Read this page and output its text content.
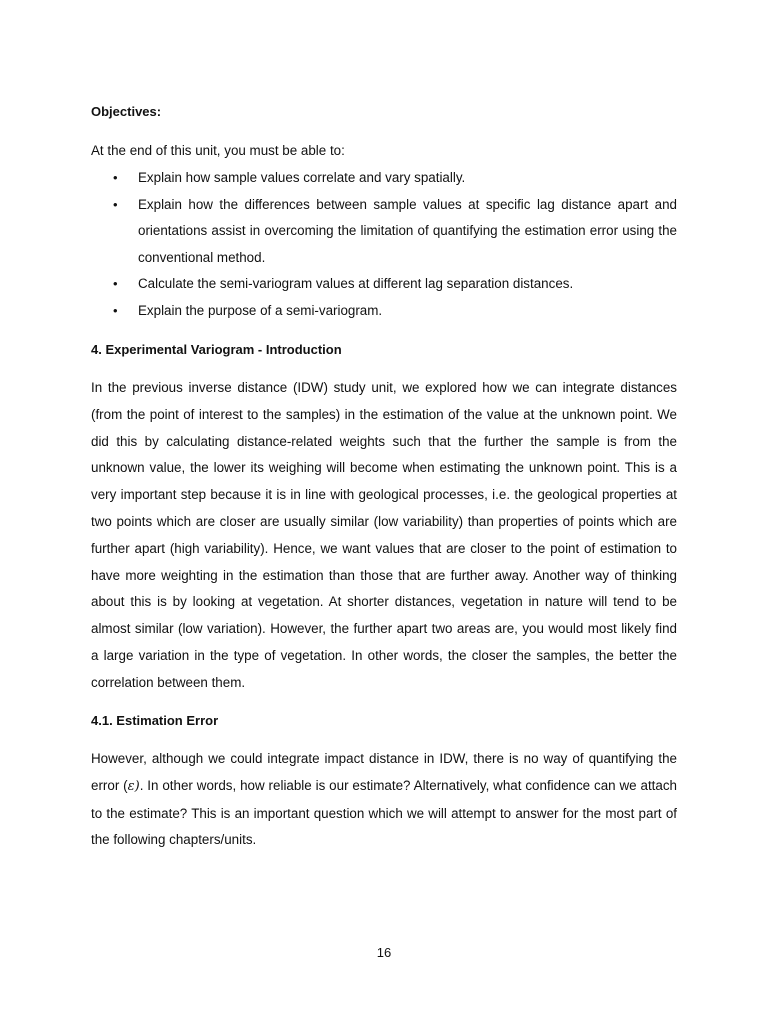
Objectives:
At the end of this unit, you must be able to:
• Explain how sample values correlate and vary spatially.
• Explain how the differences between sample values at specific lag distance apart and orientations assist in overcoming the limitation of quantifying the estimation error using the conventional method.
• Calculate the semi-variogram values at different lag separation distances.
• Explain the purpose of a semi-variogram.
4. Experimental Variogram - Introduction

In the previous inverse distance (IDW) study unit, we explored how we can integrate distances (from the point of interest to the samples) in the estimation of the value at the unknown point. We did this by calculating distance-related weights such that the further the sample is from the unknown value, the lower its weighing will become when estimating the unknown point. This is a very important step because it is in line with geological processes, i.e. the geological properties at two points which are closer are usually similar (low variability) than properties of points which are further apart (high variability). Hence, we want values that are closer to the point of estimation to have more weighting in the estimation than those that are further away. Another way of thinking about this is by looking at vegetation. At shorter distances, vegetation in nature will tend to be almost similar (low variation). However, the further apart two areas are, you would most likely find a large variation in the type of vegetation. In other words, the closer the samples, the better the correlation between them.

4.1. Estimation Error

However, although we could integrate impact distance in IDW, there is no way of quantifying the error (ε). In other words, how reliable is our estimate? Alternatively, what confidence can we attach to the estimate? This is an important question which we will attempt to answer for the most part of the following chapters/units.

16
